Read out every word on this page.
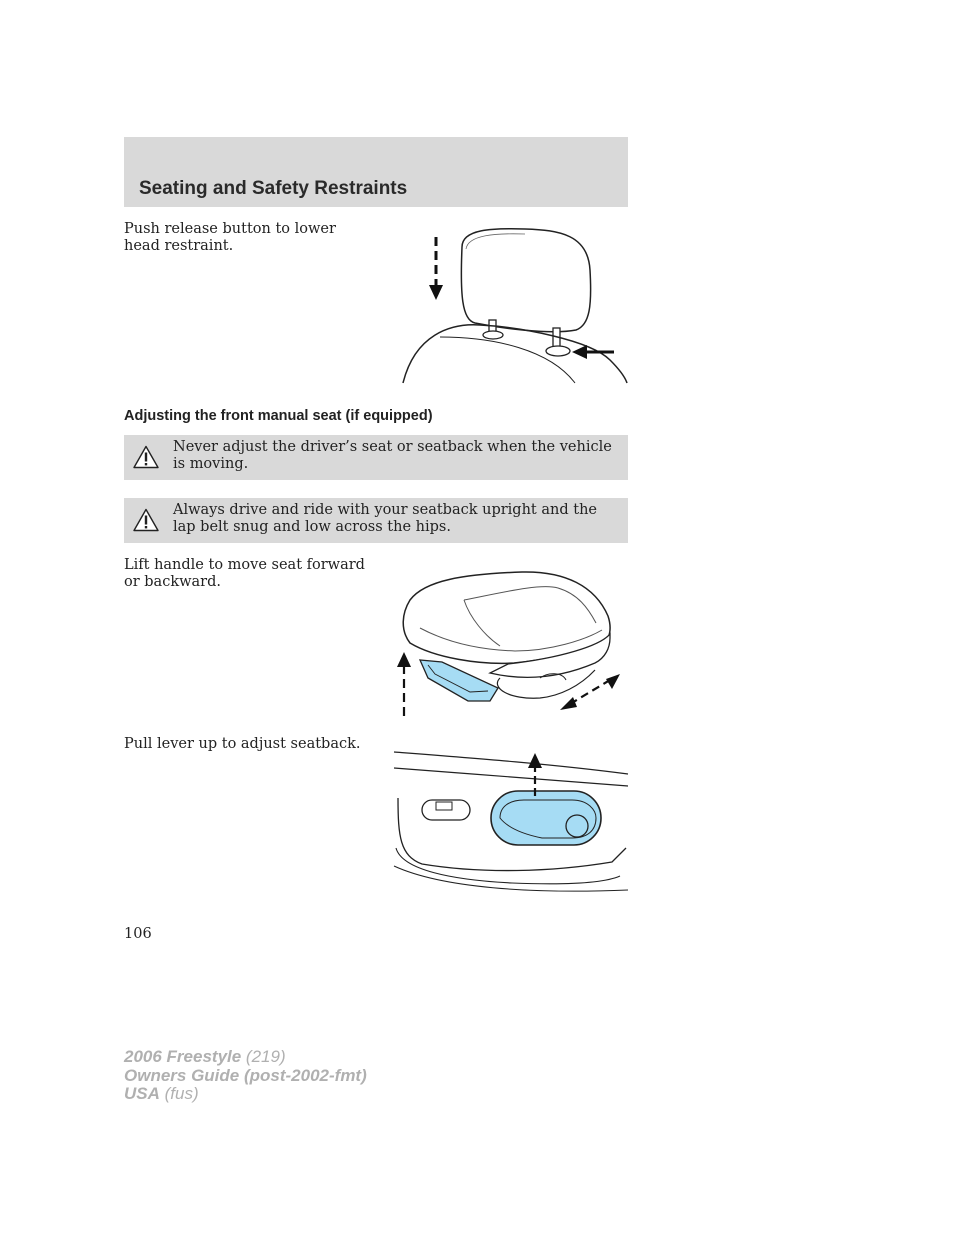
Seating and Safety Restraints

Push release button to lower head restraint.

Adjusting the front manual seat (if equipped)

Never adjust the driver’s seat or seatback when the vehicle is moving.

Always drive and ride with your seatback upright and the lap belt snug and low across the hips.

Lift handle to move seat forward or backward.

Pull lever up to adjust seatback.

106

2006 Freestyle (219)
Owners Guide (post-2002-fmt)
USA (fus)
